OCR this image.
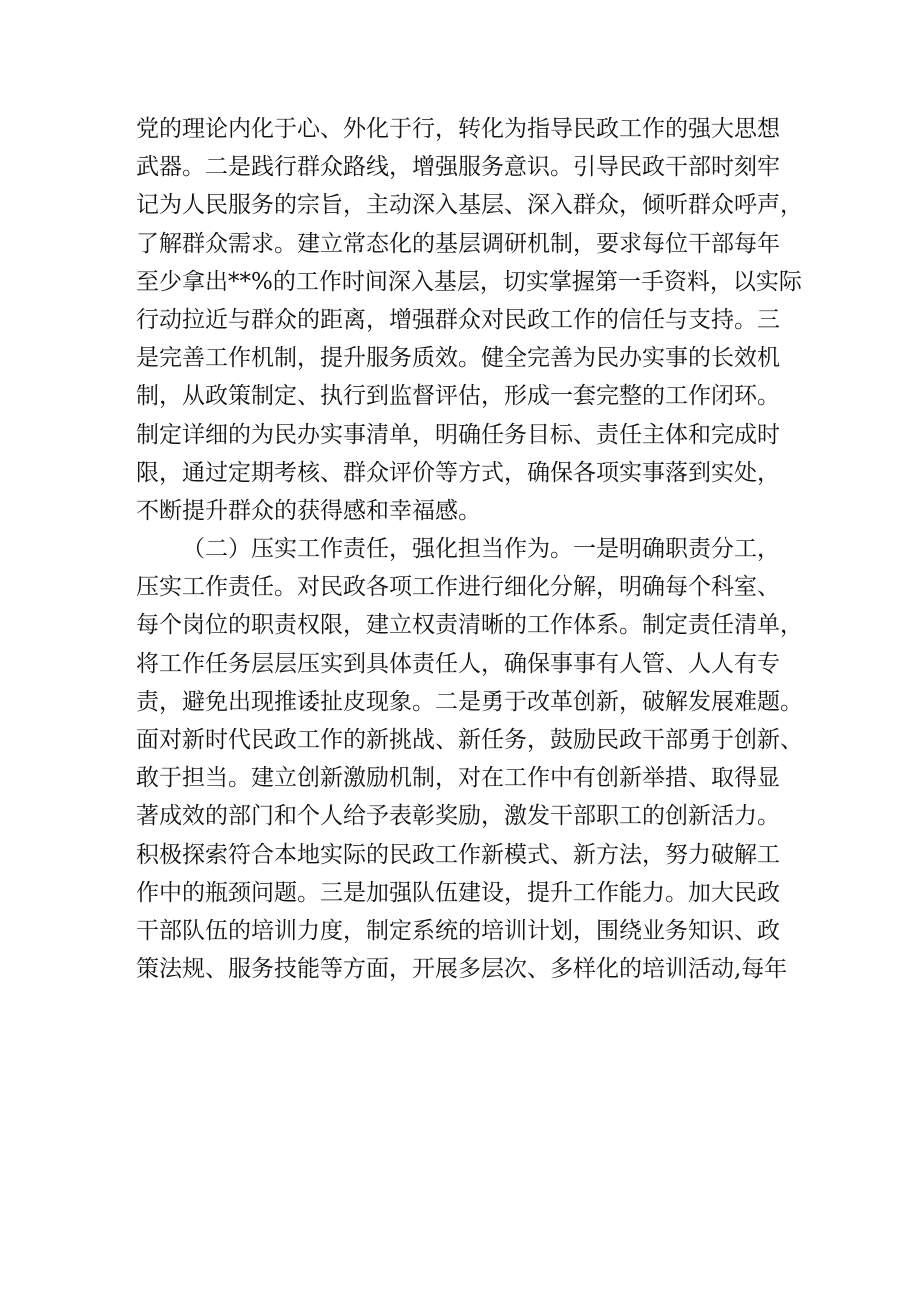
党的理论内化于心、外化于行，转化为指导民政工作的强大思想
武器。二是践行群众路线，增强服务意识。引导民政干部时刻牢
记为人民服务的宗旨，主动深入基层、深入群众，倾听群众呼声，
了解群众需求。建立常态化的基层调研机制，要求每位干部每年
至少拿出**%的工作时间深入基层，切实掌握第一手资料，以实际
行动拉近与群众的距离，增强群众对民政工作的信任与支持。三
是完善工作机制，提升服务质效。健全完善为民办实事的长效机
制，从政策制定、执行到监督评估，形成一套完整的工作闭环。
制定详细的为民办实事清单，明确任务目标、责任主体和完成时
限，通过定期考核、群众评价等方式，确保各项实事落到实处，
不断提升群众的获得感和幸福感。
（二）压实工作责任，强化担当作为。一是明确职责分工，
压实工作责任。对民政各项工作进行细化分解，明确每个科室、
每个岗位的职责权限，建立权责清晰的工作体系。制定责任清单，
将工作任务层层压实到具体责任人，确保事事有人管、人人有专
责，避免出现推诿扯皮现象。二是勇于改革创新，破解发展难题。
面对新时代民政工作的新挑战、新任务，鼓励民政干部勇于创新、
敢于担当。建立创新激励机制，对在工作中有创新举措、取得显
著成效的部门和个人给予表彰奖励，激发干部职工的创新活力。
积极探索符合本地实际的民政工作新模式、新方法，努力破解工
作中的瓶颈问题。三是加强队伍建设，提升工作能力。加大民政
干部队伍的培训力度，制定系统的培训计划，围绕业务知识、政
策法规、服务技能等方面，开展多层次、多样化的培训活动,每年
